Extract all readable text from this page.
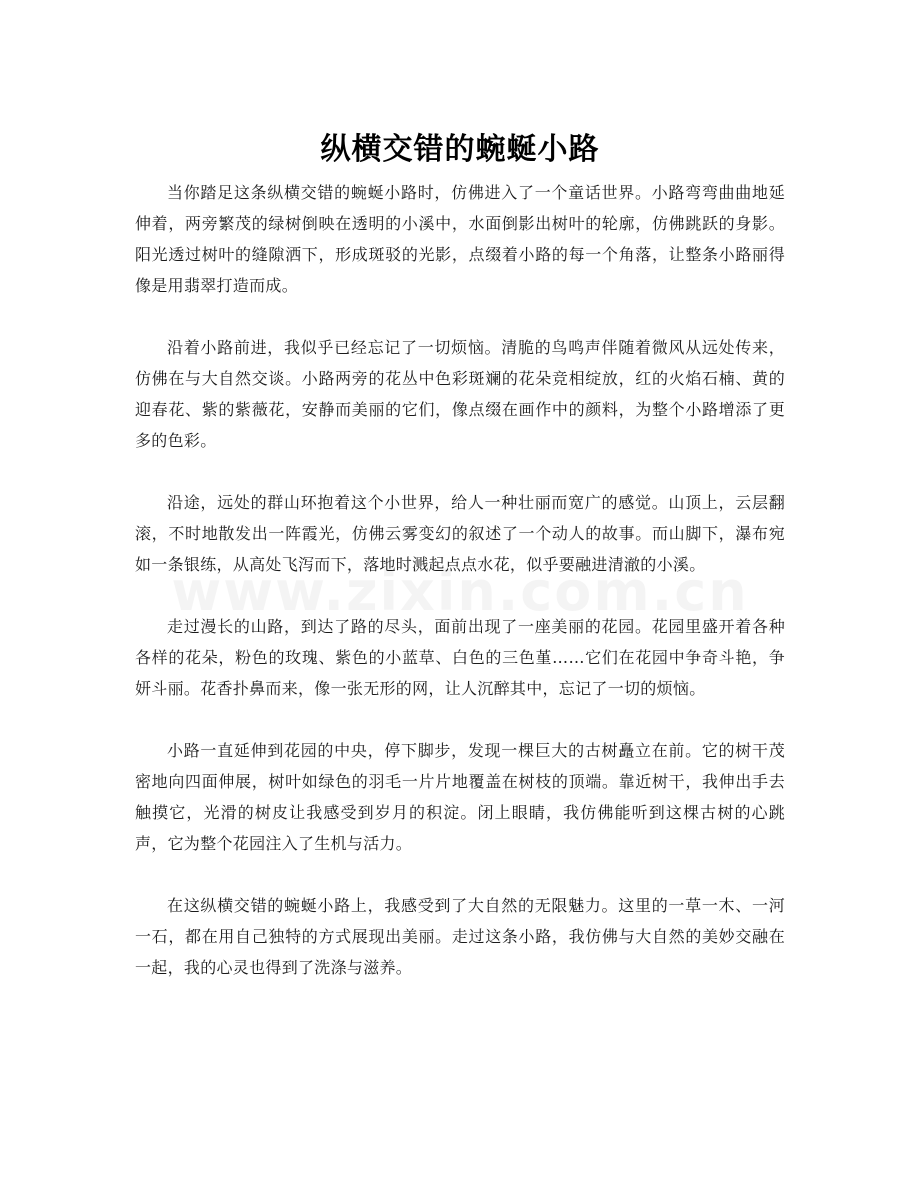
纵横交错的蜿蜒小路

当你踏足这条纵横交错的蜿蜒小路时，仿佛进入了一个童话世界。小路弯弯曲曲地延伸着，两旁繁茂的绿树倒映在透明的小溪中，水面倒影出树叶的轮廓，仿佛跳跃的身影。阳光透过树叶的缝隙洒下，形成斑驳的光影，点缀着小路的每一个角落，让整条小路丽得像是用翡翠打造而成。

沿着小路前进，我似乎已经忘记了一切烦恼。清脆的鸟鸣声伴随着微风从远处传来，仿佛在与大自然交谈。小路两旁的花丛中色彩斑斓的花朵竞相绽放，红的火焰石楠、黄的迎春花、紫的紫薇花，安静而美丽的它们，像点缀在画作中的颜料，为整个小路增添了更多的色彩。

沿途，远处的群山环抱着这个小世界，给人一种壮丽而宽广的感觉。山顶上，云层翻滚，不时地散发出一阵霞光，仿佛云雾变幻的叙述了一个动人的故事。而山脚下，瀑布宛如一条银练，从高处飞泻而下，落地时溅起点点水花，似乎要融进清澈的小溪。

走过漫长的山路，到达了路的尽头，面前出现了一座美丽的花园。花园里盛开着各种各样的花朵，粉色的玫瑰、紫色的小蓝草、白色的三色堇……它们在花园中争奇斗艳，争妍斗丽。花香扑鼻而来，像一张无形的网，让人沉醉其中，忘记了一切的烦恼。

小路一直延伸到花园的中央，停下脚步，发现一棵巨大的古树矗立在前。它的树干茂密地向四面伸展，树叶如绿色的羽毛一片片地覆盖在树枝的顶端。靠近树干，我伸出手去触摸它，光滑的树皮让我感受到岁月的积淀。闭上眼睛，我仿佛能听到这棵古树的心跳声，它为整个花园注入了生机与活力。

在这纵横交错的蜿蜒小路上，我感受到了大自然的无限魅力。这里的一草一木、一河一石，都在用自己独特的方式展现出美丽。走过这条小路，我仿佛与大自然的美妙交融在一起，我的心灵也得到了洗涤与滋养。
